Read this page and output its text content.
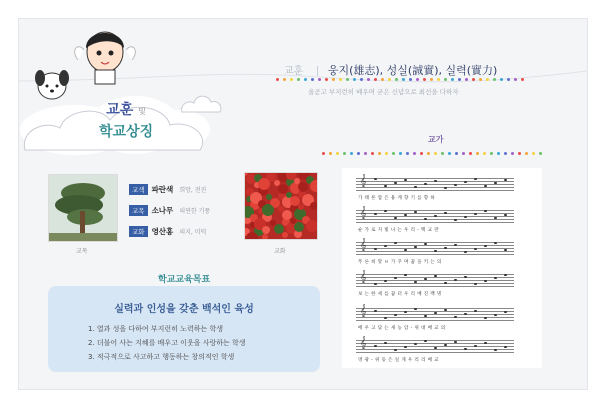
교훈 및
학교상징
교훈 웅지(雄志), 성실(誠實), 실력(實力)
올곧고 부지런히 배우며 굳은 신념으로 최선을 다하자
교가
𝄞
가 태 론 압 은 용 계 향 기 를 향 하
𝄞
순 가 로 지 빛 나 는 우 리 - 백 교 란
𝄞
푸 른 희 망 ㅂ 가 꾸 며 꿈 을 키 는 의
𝄞
보 는 한 세 를 꿈 터 우 리 배 진 백 명
𝄞
배 우 고 닦 는 새 농 암 - 위 대 배 교 의
𝄞
영 광 - 위 등 은 일 게 우 리 리 배 교
교목	교화
교색 파란색 희망, 전진
교목 소나무 의연한 기풍
교화 영산홍 의지, 미덕
학교교육목표
실력과 인성을 갖춘 백석인 육성
1. 열과 성을 다하여 부지런히 노력하는 학생
2. 더불어 사는 지혜를 배우고 이웃을 사랑하는 학생
3. 적극적으로 사고하고 행동하는 창의적인 학생
